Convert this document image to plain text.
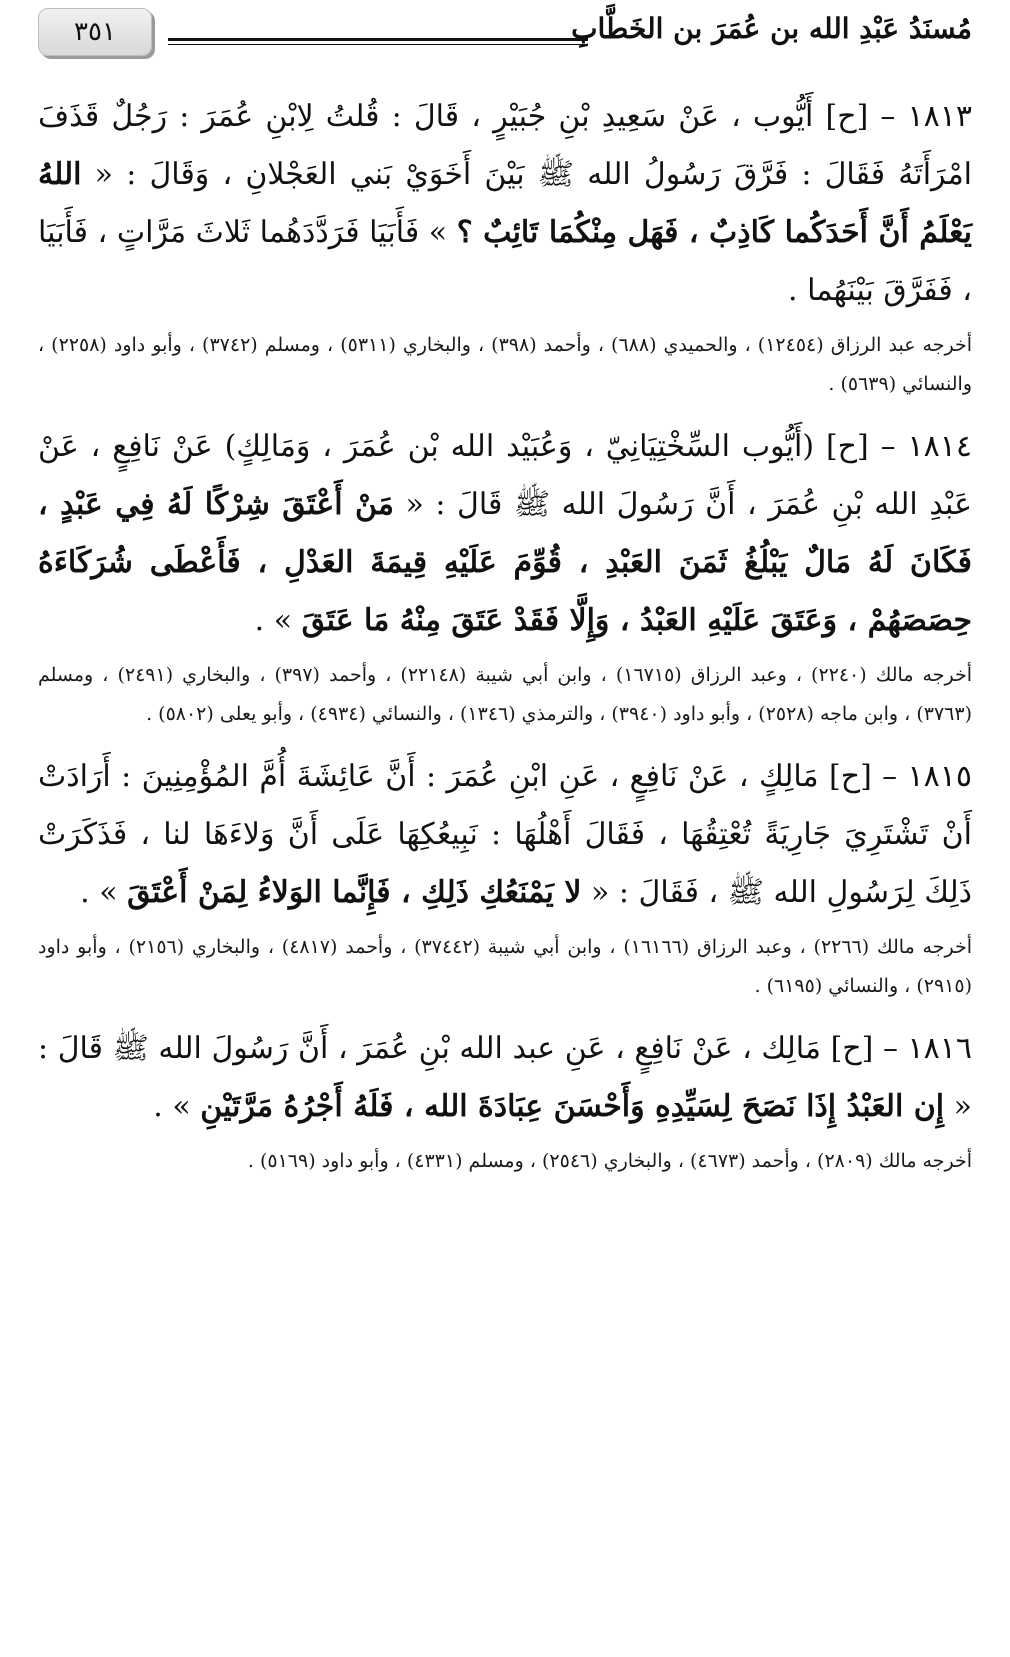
٣٥١	مُسنَدُ عَبْدِ الله بن عُمَرَ بن الخَطَّابِ

١٨١٣ – [ح] أَيُّوب ، عَنْ سَعِيدِ بْنِ جُبَيْرٍ ، قَالَ : قُلتُ لِابْنِ عُمَرَ : رَجُلٌ قَذَفَ امْرَأَتَهُ فَقَالَ : فَرَّقَ رَسُولُ الله ﷺ بَيْنَ أَخَوَيْ بَني العَجْلانِ ، وَقَالَ : « اللهُ يَعْلَمُ أَنَّ أَحَدَكُما كَاذِبٌ ، فَهَل مِنْكُمَا تَائِبٌ ؟ » فَأَبَيَا فَرَدَّدَهُما ثَلاثَ مَرَّاتٍ ، فَأَبَيَا ، فَفَرَّقَ بَيْنَهُما .

أخرجه عبد الرزاق (١٢٤٥٤) ، والحميدي (٦٨٨) ، وأحمد (٣٩٨) ، والبخاري (٥٣١١) ، ومسلم (٣٧٤٢) ، وأبو داود (٢٢٥٨) ، والنسائي (٥٦٣٩) .

١٨١٤ – [ح] (أَيُّوب السِّخْتِيَانِيّ ، وَعُبَيْد الله بْن عُمَرَ ، وَمَالِكٍ) عَنْ نَافِعٍ ، عَنْ عَبْدِ الله بْنِ عُمَرَ ، أَنَّ رَسُولَ الله ﷺ قَالَ : « مَنْ أَعْتَقَ شِرْكًا لَهُ فِي عَبْدٍ ، فَكَانَ لَهُ مَالٌ يَبْلُغُ ثَمَنَ العَبْدِ ، قُوِّمَ عَلَيْهِ قِيمَةَ العَدْلِ ، فَأَعْطَى شُرَكَاءَهُ حِصَصَهُمْ ، وَعَتَقَ عَلَيْهِ العَبْدُ ، وَإِلَّا فَقَدْ عَتَقَ مِنْهُ مَا عَتَقَ » .

أخرجه مالك (٢٢٤٠) ، وعبد الرزاق (١٦٧١٥) ، وابن أبي شيبة (٢٢١٤٨) ، وأحمد (٣٩٧) ، والبخاري (٢٤٩١) ، ومسلم (٣٧٦٣) ، وابن ماجه (٢٥٢٨) ، وأبو داود (٣٩٤٠) ، والترمذي (١٣٤٦) ، والنسائي (٤٩٣٤) ، وأبو يعلى (٥٨٠٢) .

١٨١٥ – [ح] مَالِكٍ ، عَنْ نَافِعٍ ، عَنِ ابْنِ عُمَرَ : أَنَّ عَائِشَةَ أُمَّ المُؤْمِنِينَ : أَرَادَتْ أَنْ تَشْتَرِيَ جَارِيَةً تُعْتِقُهَا ، فَقَالَ أَهْلُهَا : نَبِيعُكِهَا عَلَى أَنَّ وَلاءَهَا لنا ، فَذَكَرَتْ ذَلِكَ لِرَسُولِ الله ﷺ ، فَقَالَ : « لا يَمْنَعُكِ ذَلِكِ ، فَإِنَّما الوَلاءُ لِمَنْ أَعْتَقَ » .

أخرجه مالك (٢٢٦٦) ، وعبد الرزاق (١٦١٦٦) ، وابن أبي شيبة (٣٧٤٤٢) ، وأحمد (٤٨١٧) ، والبخاري (٢١٥٦) ، وأبو داود (٢٩١٥) ، والنسائي (٦١٩٥) .

١٨١٦ – [ح] مَالِك ، عَنْ نَافِعٍ ، عَنِ عبد الله بْنِ عُمَرَ ، أَنَّ رَسُولَ الله ﷺ قَالَ : « إِن العَبْدُ إِذَا نَصَحَ لِسَيِّدِهِ وَأَحْسَنَ عِبَادَةَ الله ، فَلَهُ أَجْرُهُ مَرَّتَيْنِ » .

أخرجه مالك (٢٨٠٩) ، وأحمد (٤٦٧٣) ، والبخاري (٢٥٤٦) ، ومسلم (٤٣٣١) ، وأبو داود (٥١٦٩) .
